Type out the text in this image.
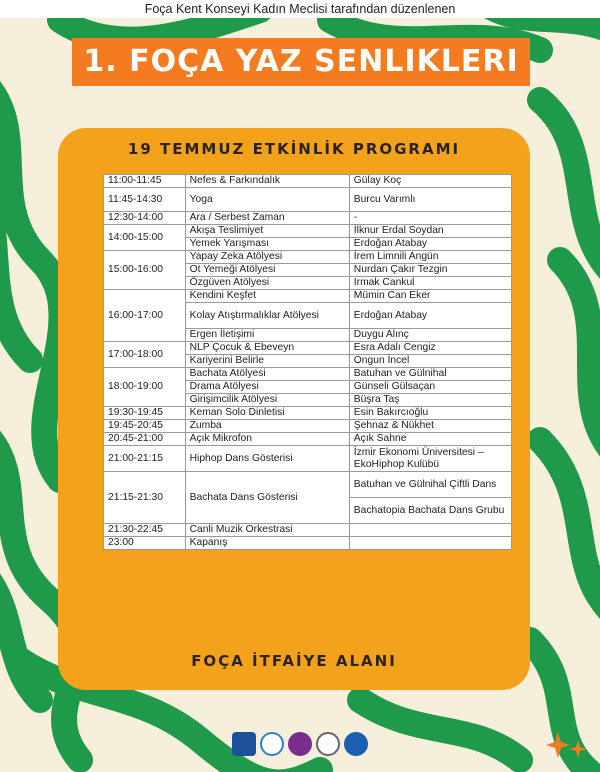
Foça Kent Konseyi Kadın Meclisi tarafından düzenlenen
1. FOÇA YAZ SENLIKLERI
19 TEMMUZ ETKİNLİK PROGRAMI
11:00-11:45	Nefes & Farkındalık	Gülay Koç
11:45-14:30	Yoga	Burcu Varımlı
12:30-14:00	Ara / Serbest Zaman	-
14:00-15:00	Akışa Teslimiyet	İlknur Erdal Soydan
	Yemek Yarışması	Erdoğan Atabay
15:00-16:00	Yapay Zeka Atölyesi	İrem Limnili Angün
	Ot Yemeği Atölyesi	Nurdan Çakır Tezgin
	Özgüven Atölyesi	Irmak Cankul
16:00-17:00	Kendini Keşfet	Mümin Can Eker
	Kolay Atıştırmalıklar Atölyesi	Erdoğan Atabay
	Ergen İletişimi	Duygu Alınç
17:00-18:00	NLP Çocuk & Ebeveyn	Esra Adalı Cengiz
	Kariyerini Belirle	Ongun İncel
18:00-19:00	Bachata Atölyesi	Batuhan ve Gülnihal
	Drama Atölyesi	Günseli Gülsaçan
	Girişimcilik Atölyesi	Büşra Taş
19:30-19:45	Keman Solo Dinletisi	Esin Bakırcıoğlu
19:45-20:45	Zumba	Şehnaz & Nükhet
20:45-21:00	Açık Mikrofon	Açık Sahne
21:00-21:15	Hiphop Dans Gösterisi	İzmir Ekonomi Üniversitesi – EkoHiphop Kulübü
21:15-21:30	Bachata Dans Gösterisi	Batuhan ve Gülnihal Çiftli Dans
		Bachatopia Bachata Dans Grubu
21:30-22:45	Canli Muzik Orkestrasi	
23:00	Kapanış	
FOÇA İTFAİYE ALANI
